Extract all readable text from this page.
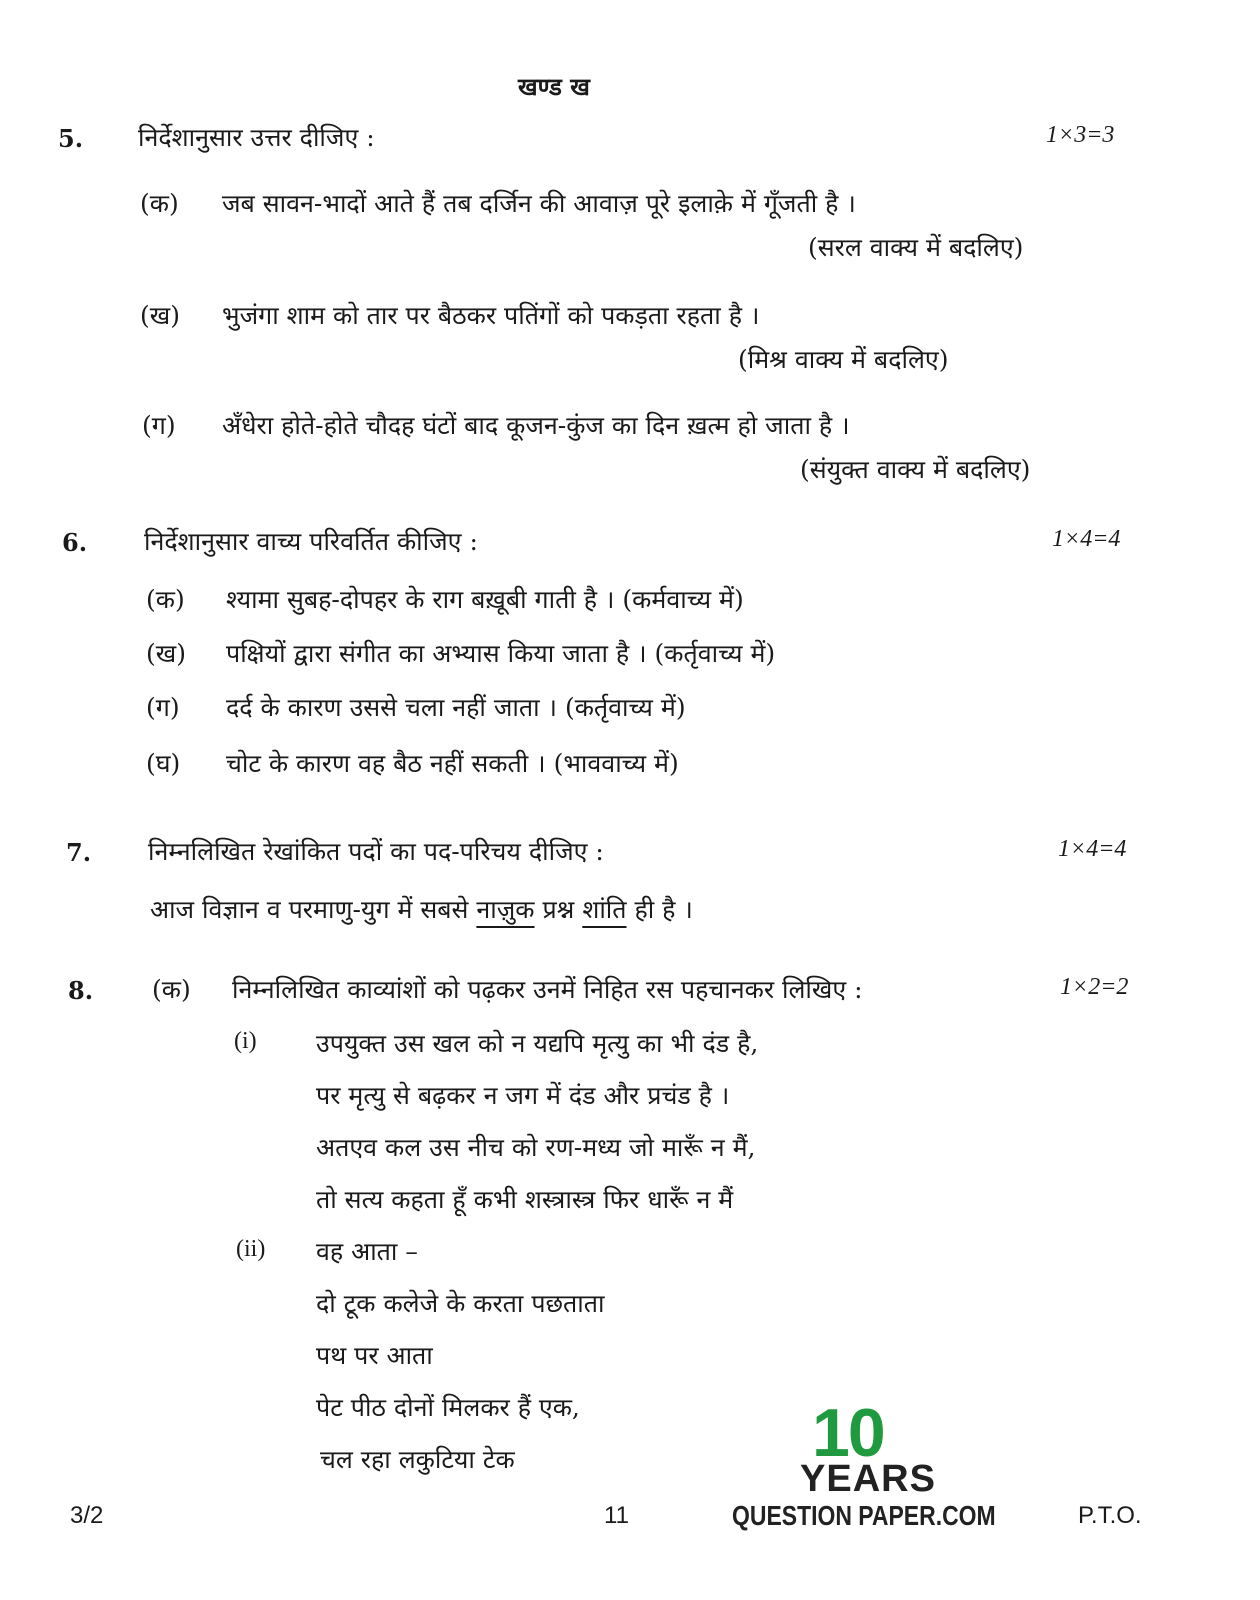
खण्ड ख
5. निर्देशानुसार उत्तर दीजिए :	1×3=3
(क) जब सावन-भादों आते हैं तब दर्जिन की आवाज़ पूरे इलाक़े में गूँजती है ।
(सरल वाक्य में बदलिए)
(ख) भुजंगा शाम को तार पर बैठकर पतिंगों को पकड़ता रहता है ।
(मिश्र वाक्य में बदलिए)
(ग) अँधेरा होते-होते चौदह घंटों बाद कूजन-कुंज का दिन ख़त्म हो जाता है ।
(संयुक्त वाक्य में बदलिए)
6. निर्देशानुसार वाच्य परिवर्तित कीजिए :	1×4=4
(क) श्यामा सुबह-दोपहर के राग बख़ूबी गाती है । (कर्मवाच्य में)
(ख) पक्षियों द्वारा संगीत का अभ्यास किया जाता है । (कर्तृवाच्य में)
(ग) दर्द के कारण उससे चला नहीं जाता । (कर्तृवाच्य में)
(घ) चोट के कारण वह बैठ नहीं सकती । (भाववाच्य में)
7. निम्नलिखित रेखांकित पदों का पद-परिचय दीजिए :	1×4=4
आज विज्ञान व परमाणु-युग में सबसे नाज़ुक प्रश्न शांति ही है ।
8. (क) निम्नलिखित काव्यांशों को पढ़कर उनमें निहित रस पहचानकर लिखिए :	1×2=2
(i) उपयुक्त उस खल को न यद्यपि मृत्यु का भी दंड है,
पर मृत्यु से बढ़कर न जग में दंड और प्रचंड है ।
अतएव कल उस नीच को रण-मध्य जो मारूँ न मैं,
तो सत्य कहता हूँ कभी शस्त्रास्त्र फिर धारूँ न मैं
(ii) वह आता –
दो टूक कलेजे के करता पछताता
पथ पर आता
पेट पीठ दोनों मिलकर हैं एक,
चल रहा लकुटिया टेक	10
YEARS
QUESTION PAPER.COM
3/2	11	P.T.O.
